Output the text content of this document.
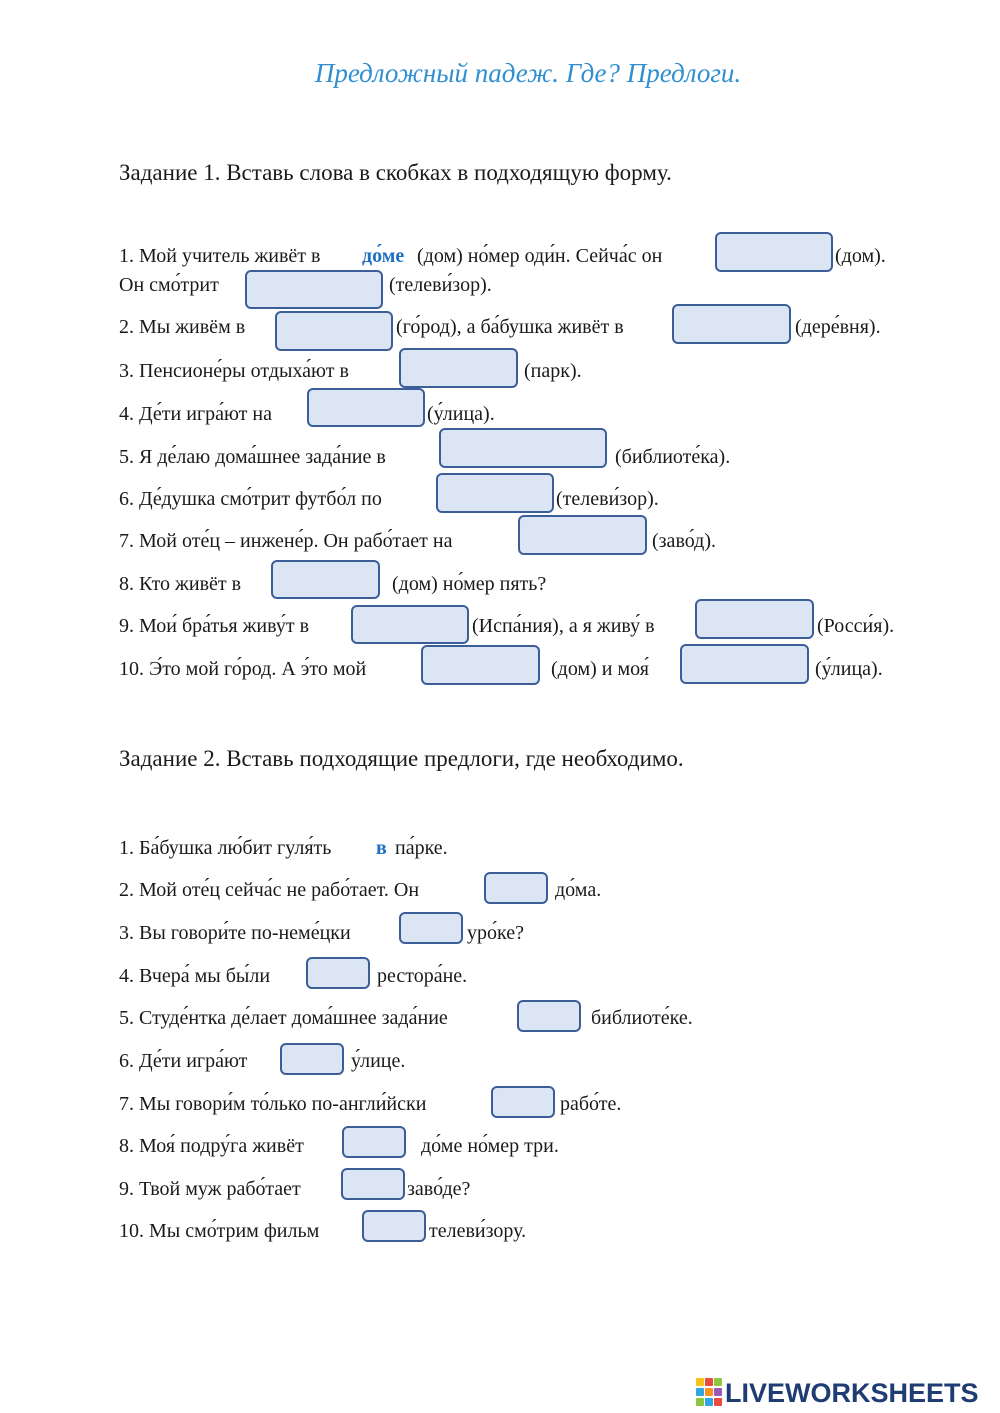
Предложный падеж. Где? Предлоги.
Задание 1. Вставь слова в скобках в подходящую форму.
1. Мой учитель живёт в до́ме (дом) но́мер оди́н. Сейча́с он	(дом).
Он смо́трит	(телеви́зор).
2. Мы живём в	(го́род), а ба́бушка живёт в	(дере́вня).
3. Пенсионе́ры отдыха́ют в	(парк).
4. Де́ти игра́ют на	(у́лица).
5. Я де́лаю дома́шнее зада́ние в	(библиоте́ка).
6. Де́душка смо́трит футбо́л по	(телеви́зор).
7. Мой оте́ц – инжене́р. Он рабо́тает на	(заво́д).
8. Кто живёт в	(дом) но́мер пять?
9. Мои́ бра́тья живу́т в	(Испа́ния), а я живу́ в	(Росси́я).
10. Э́то мой го́род. А э́то мой	(дом) и моя́	(у́лица).
Задание 2. Вставь подходящие предлоги, где необходимо.
1. Ба́бушка лю́бит гуля́ть в па́рке.
2. Мой оте́ц сейча́с не рабо́тает. Он	до́ма.
3. Вы говори́те по-неме́цки	уро́ке?
4. Вчера́ мы бы́ли	рестора́не.
5. Студе́нтка де́лает дома́шнее зада́ние	библиоте́ке.
6. Де́ти игра́ют	у́лице.
7. Мы говори́м то́лько по-англи́йски	рабо́те.
8. Моя́ подру́га живёт	до́ме но́мер три.
9. Твой муж рабо́тает	заво́де?
10. Мы смо́трим фильм	телеви́зору.
LIVEWORKSHEETS
